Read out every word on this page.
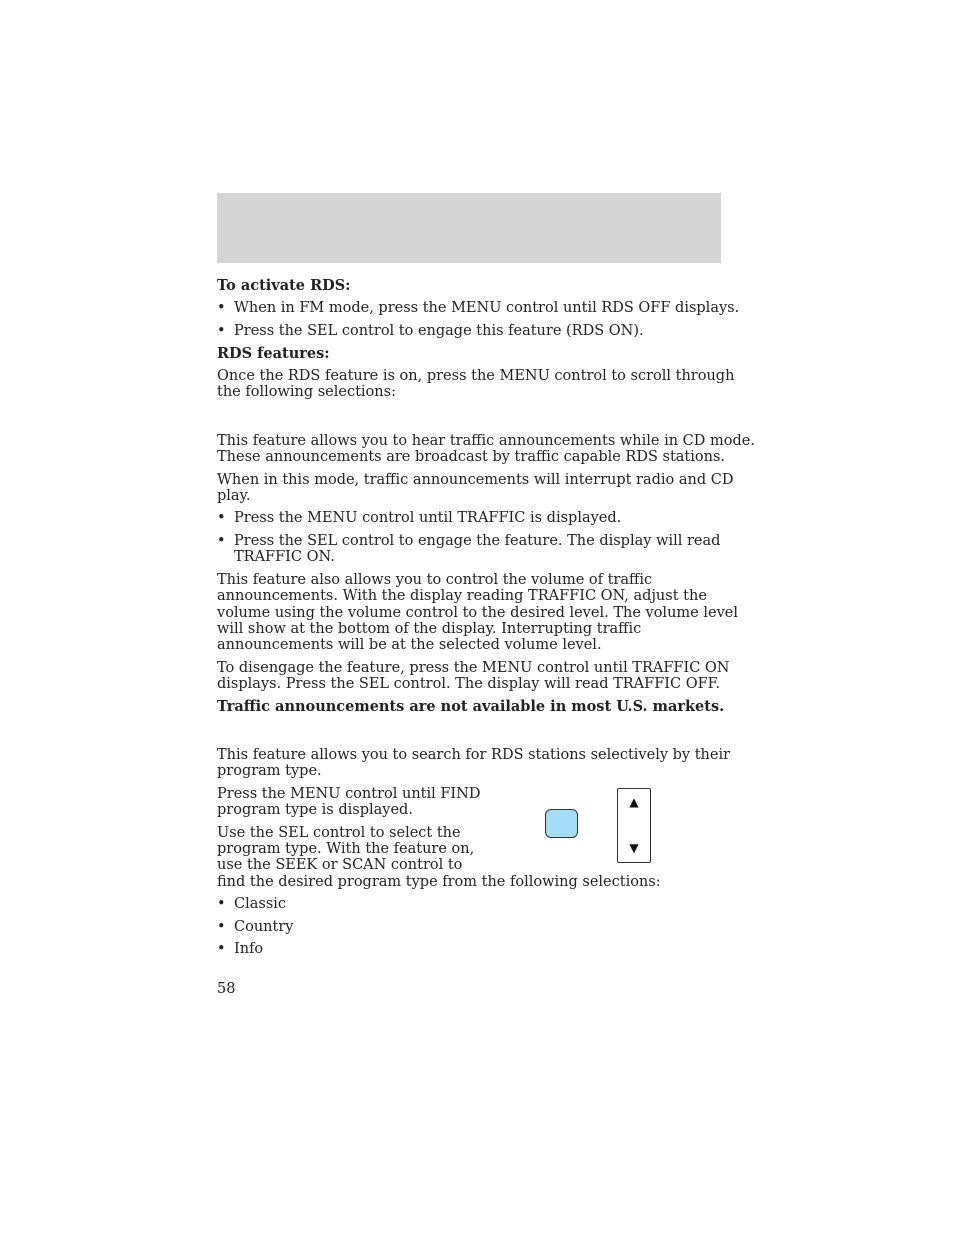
To activate RDS:
• When in FM mode, press the MENU control until RDS OFF displays.
• Press the SEL control to engage this feature (RDS ON).
RDS features:
Once the RDS feature is on, press the MENU control to scroll through
the following selections:
This feature allows you to hear traffic announcements while in CD mode.
These announcements are broadcast by traffic capable RDS stations.
When in this mode, traffic announcements will interrupt radio and CD
play.
• Press the MENU control until TRAFFIC is displayed.
• Press the SEL control to engage the feature. The display will read
TRAFFIC ON.
This feature also allows you to control the volume of traffic
announcements. With the display reading TRAFFIC ON, adjust the
volume using the volume control to the desired level. The volume level
will show at the bottom of the display. Interrupting traffic
announcements will be at the selected volume level.
To disengage the feature, press the MENU control until TRAFFIC ON
displays. Press the SEL control. The display will read TRAFFIC OFF.
Traffic announcements are not available in most U.S. markets.
This feature allows you to search for RDS stations selectively by their
program type.
Press the MENU control until FIND
program type is displayed.
Use the SEL control to select the
program type. With the feature on,
use the SEEK or SCAN control to
find the desired program type from the following selections:
• Classic
• Country
• Info
▲
▼
58
